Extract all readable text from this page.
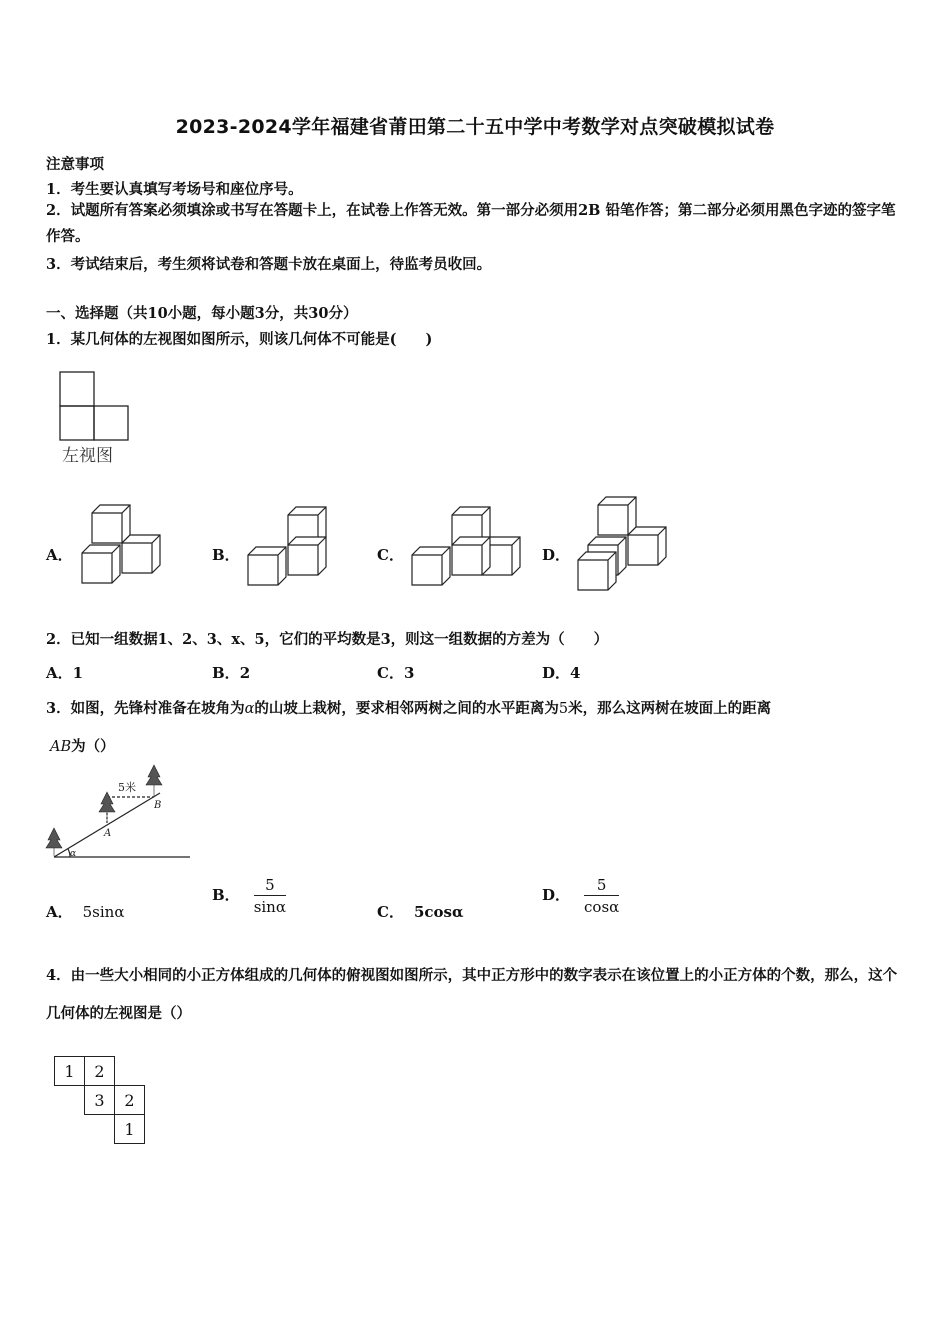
2023-2024学年福建省莆田第二十五中学中考数学对点突破模拟试卷
注意事项
1．考生要认真填写考场号和座位序号。
2．试题所有答案必须填涂或书写在答题卡上，在试卷上作答无效。第一部分必须用2B 铅笔作答；第二部分必须用黑色字迹的签字笔作答。
3．考试结束后，考生须将试卷和答题卡放在桌面上，待监考员收回。
一、选择题（共10小题，每小题3分，共30分）
1．某几何体的左视图如图所示，则该几何体不可能是(　　)
左视图
A．	B．	C．	D．
2．已知一组数据1、2、3、x、5，它们的平均数是3，则这一组数据的方差为（　　）
A．1	B．2	C．3	D．4
3．如图，先锋村准备在坡角为α的山坡上栽树，要求相邻两树之间的水平距离为5米，那么这两树在坡面上的距离
AB为（）
5米
A
B
α
A． 5sinα
B． $\frac{5}{\sin\alpha}$	C． 5cosα
D． $\frac{5}{\cos\alpha}$
4．由一些大小相同的小正方体组成的几何体的俯视图如图所示，其中正方形中的数字表示在该位置上的小正方体的个数，那么，这个几何体的左视图是（）
1	2		
	3	2	
		1	
